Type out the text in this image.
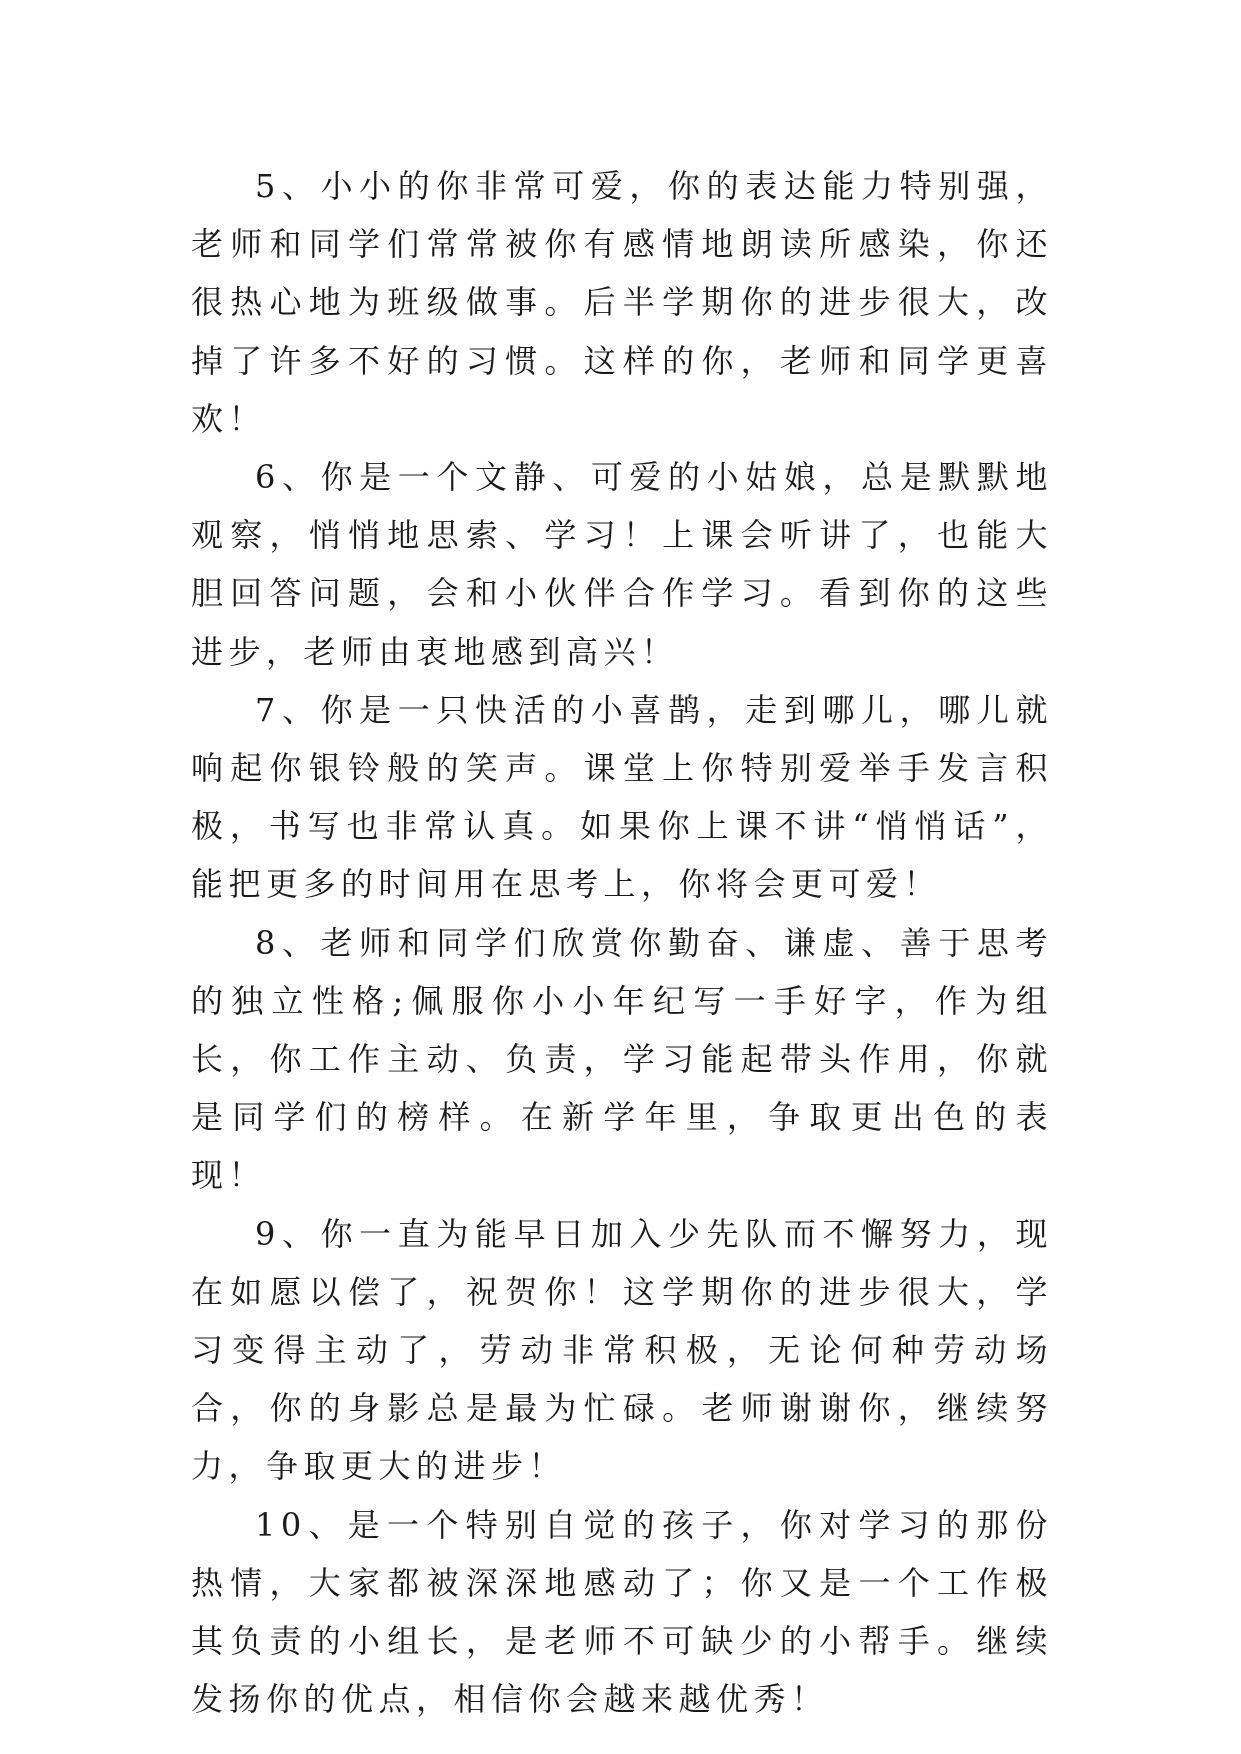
5、小小的你非常可爱，你的表达能力特别强，老师和同学们常常被你有感情地朗读所感染，你还很热心地为班级做事。后半学期你的进步很大，改掉了许多不好的习惯。这样的你，老师和同学更喜欢！

6、你是一个文静、可爱的小姑娘，总是默默地观察，悄悄地思索、学习！上课会听讲了，也能大胆回答问题，会和小伙伴合作学习。看到你的这些进步，老师由衷地感到高兴！

7、你是一只快活的小喜鹊，走到哪儿，哪儿就响起你银铃般的笑声。课堂上你特别爱举手发言积极，书写也非常认真。如果你上课不讲“悄悄话”，能把更多的时间用在思考上，你将会更可爱！

8、老师和同学们欣赏你勤奋、谦虚、善于思考的独立性格;佩服你小小年纪写一手好字，作为组长，你工作主动、负责，学习能起带头作用，你就是同学们的榜样。在新学年里，争取更出色的表现！

9、你一直为能早日加入少先队而不懈努力，现在如愿以偿了，祝贺你！这学期你的进步很大，学习变得主动了，劳动非常积极，无论何种劳动场合，你的身影总是最为忙碌。老师谢谢你，继续努力，争取更大的进步！

10、是一个特别自觉的孩子，你对学习的那份热情，大家都被深深地感动了；你又是一个工作极其负责的小组长，是老师不可缺少的小帮手。继续发扬你的优点，相信你会越来越优秀！
